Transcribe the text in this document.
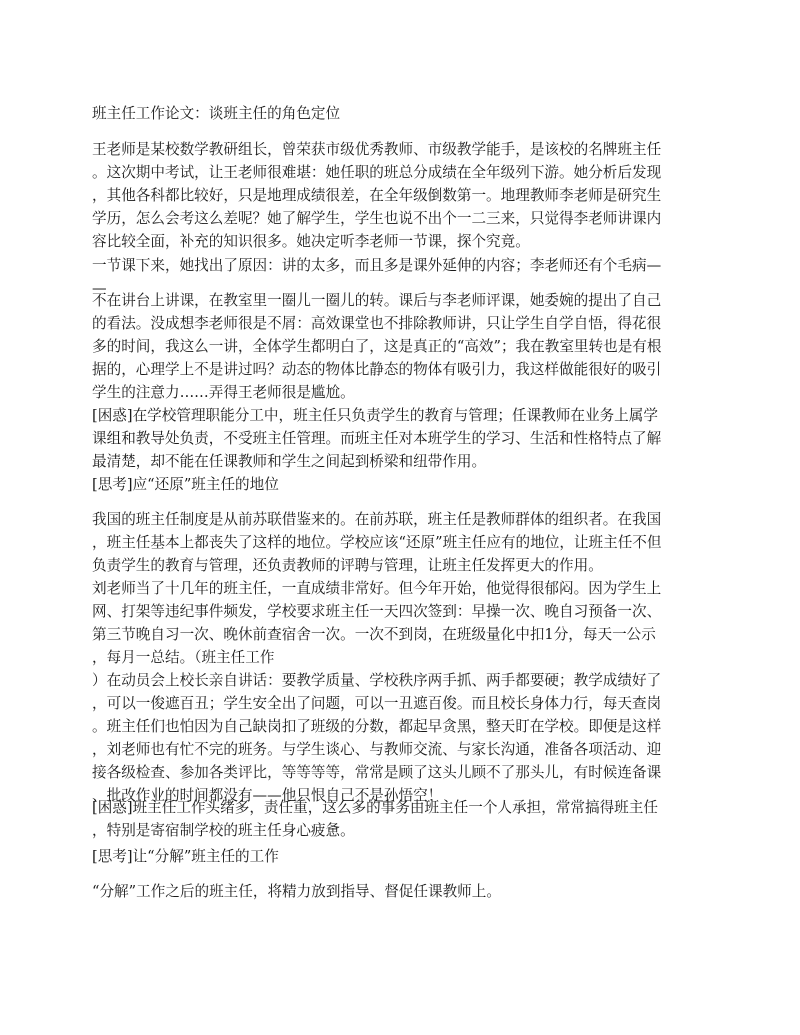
班主任工作论文：谈班主任的角色定位
王老师是某校数学教研组长，曾荣获市级优秀教师、市级教学能手，是该校的名牌班主任
。这次期中考试，让王老师很难堪：她任职的班总分成绩在全年级列下游。她分析后发现
，其他各科都比较好，只是地理成绩很差，在全年级倒数第一。地理教师李老师是研究生
学历，怎么会考这么差呢？她了解学生，学生也说不出个一二三来，只觉得李老师讲课内
容比较全面，补充的知识很多。她决定听李老师一节课，探个究竟。
一节课下来，她找出了原因：讲的太多，而且多是课外延伸的内容；李老师还有个毛病—
—
不在讲台上讲课，在教室里一圈儿一圈儿的转。课后与李老师评课，她委婉的提出了自己
的看法。没成想李老师很是不屑：高效课堂也不排除教师讲，只让学生自学自悟，得花很
多的时间，我这么一讲，全体学生都明白了，这是真正的“高效”；我在教室里转也是有根
据的，心理学上不是讲过吗？动态的物体比静态的物体有吸引力，我这样做能很好的吸引
学生的注意力……弄得王老师很是尴尬。
[困惑]在学校管理职能分工中，班主任只负责学生的教育与管理；任课教师在业务上属学
课组和教导处负责，不受班主任管理。而班主任对本班学生的学习、生活和性格特点了解
最清楚，却不能在任课教师和学生之间起到桥梁和纽带作用。
[思考]应“还原”班主任的地位
我国的班主任制度是从前苏联借鉴来的。在前苏联，班主任是教师群体的组织者。在我国
，班主任基本上都丧失了这样的地位。学校应该“还原”班主任应有的地位，让班主任不但
负责学生的教育与管理，还负责教师的评聘与管理，让班主任发挥更大的作用。
刘老师当了十几年的班主任，一直成绩非常好。但今年开始，他觉得很郁闷。因为学生上
网、打架等违纪事件频发，学校要求班主任一天四次签到：早操一次、晚自习预备一次、
第三节晚自习一次、晚休前查宿舍一次。一次不到岗，在班级量化中扣1分，每天一公示
，每月一总结。（班主任工作
）在动员会上校长亲自讲话：要教学质量、学校秩序两手抓、两手都要硬；教学成绩好了
，可以一俊遮百丑；学生安全出了问题，可以一丑遮百俊。而且校长身体力行，每天查岗
。班主任们也怕因为自己缺岗扣了班级的分数，都起早贪黑，整天盯在学校。即便是这样
，刘老师也有忙不完的班务。与学生谈心、与教师交流、与家长沟通，准备各项活动、迎
接各级检查、参加各类评比，等等等等，常常是顾了这头儿顾不了那头儿，有时候连备课
、批改作业的时间都没有——他只恨自己不是孙悟空！
[困惑]班主任工作头绪多，责任重，这么多的事务由班主任一个人承担，常常搞得班主任
，特别是寄宿制学校的班主任身心疲惫。
[思考]让“分解”班主任的工作
“分解”工作之后的班主任，将精力放到指导、督促任课教师上。
